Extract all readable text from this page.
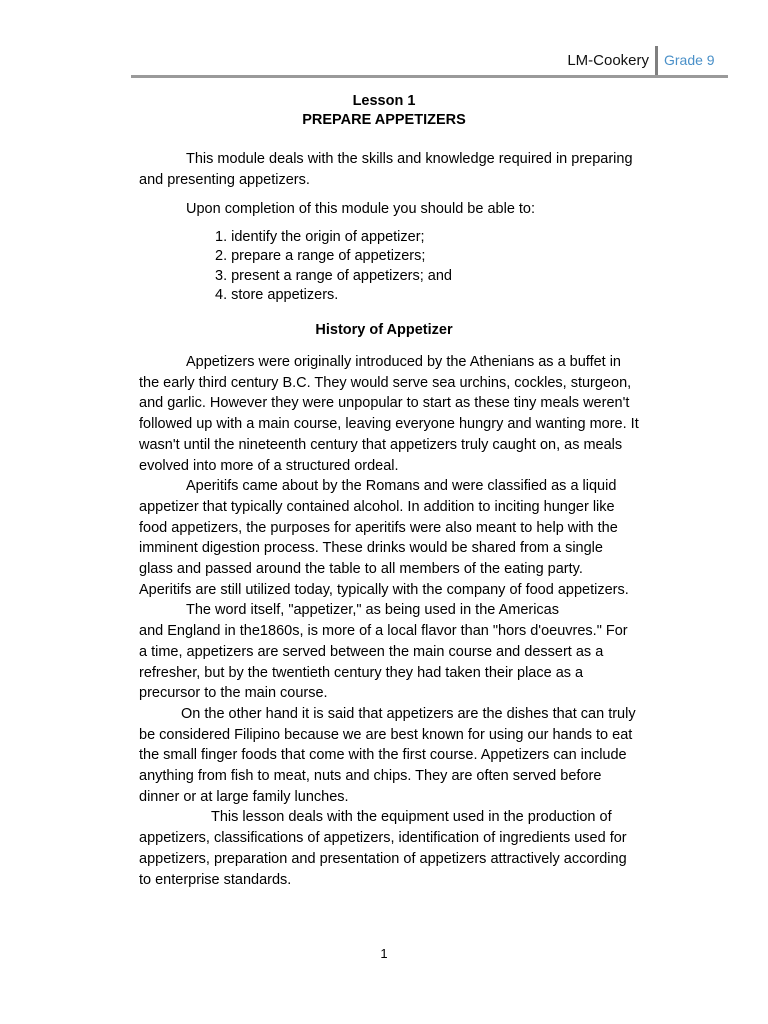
LM-Cookery Grade 9
Lesson 1
PREPARE APPETIZERS

This module deals with the skills and knowledge required in preparing

and presenting appetizers.

Upon completion of this module you should be able to:
1. identify the origin of appetizer;
2. prepare a range of appetizers;
3. present a range of appetizers; and
4. store appetizers.
History of Appetizer

Appetizers were originally introduced by the Athenians as a buffet in

the early third century B.C. They would serve sea urchins, cockles, sturgeon,

and garlic. However they were unpopular to start as these tiny meals weren't

followed up with a main course, leaving everyone hungry and wanting more. It

wasn't until the nineteenth century that appetizers truly caught on, as meals

evolved into more of a structured ordeal.

Aperitifs came about by the Romans and were classified as a liquid

appetizer that typically contained alcohol. In addition to inciting hunger like

food appetizers, the purposes for aperitifs were also meant to help with the

imminent digestion process. These drinks would be shared from a single

glass and passed around the table to all members of the eating party.

Aperitifs are still utilized today, typically with the company of food appetizers.

The word itself, "appetizer," as being used in the Americas

and England in the1860s, is more of a local flavor than "hors d'oeuvres." For

a time, appetizers are served between the main course and dessert as a

refresher, but by the twentieth century they had taken their place as a

precursor to the main course.

On the other hand it is said that appetizers are the dishes that can truly

be considered Filipino because we are best known for using our hands to eat

the small finger foods that come with the first course. Appetizers can include

anything from fish to meat, nuts and chips. They are often served before

dinner or at large family lunches.

This lesson deals with the equipment used in the production of

appetizers, classifications of appetizers, identification of ingredients used for

appetizers, preparation and presentation of appetizers attractively according

to enterprise standards.

1
